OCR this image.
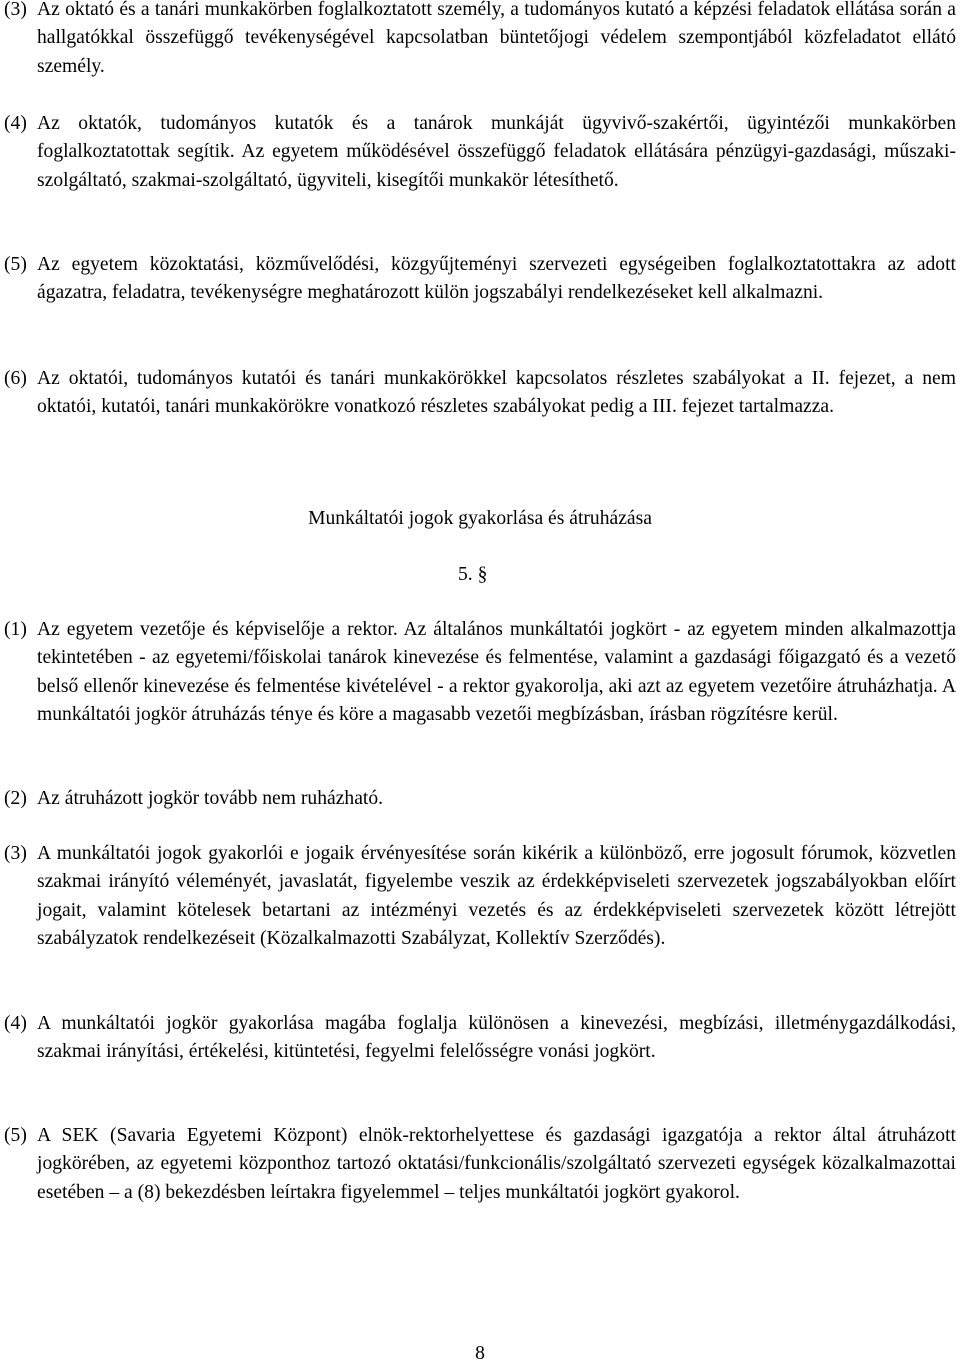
(3) Az oktató és a tanári munkakörben foglalkoztatott személy, a tudományos kutató a képzési feladatok ellátása során a hallgatókkal összefüggő tevékenységével kapcsolatban büntetőjogi védelem szempontjából közfeladatot ellátó személy.
(4) Az oktatók, tudományos kutatók és a tanárok munkáját ügyvivő-szakértői, ügyintézői munkakörben foglalkoztatottak segítik. Az egyetem működésével összefüggő feladatok ellátására pénzügyi-gazdasági, műszaki-szolgáltató, szakmai-szolgáltató, ügyviteli, kisegítői munkakör létesíthető.
(5) Az egyetem közoktatási, közművelődési, közgyűjteményi szervezeti egységeiben foglalkoztatottakra az adott ágazatra, feladatra, tevékenységre meghatározott külön jogszabályi rendelkezéseket kell alkalmazni.
(6) Az oktatói, tudományos kutatói és tanári munkakörökkel kapcsolatos részletes szabályokat a II. fejezet, a nem oktatói, kutatói, tanári munkakörökre vonatkozó részletes szabályokat pedig a III. fejezet tartalmazza.
Munkáltatói jogok gyakorlása és átruházása
5. §
(1) Az egyetem vezetője és képviselője a rektor. Az általános munkáltatói jogkört - az egyetem minden alkalmazottja tekintetében - az egyetemi/főiskolai tanárok kinevezése és felmentése, valamint a gazdasági főigazgató és a vezető belső ellenőr kinevezése és felmentése kivételével - a rektor gyakorolja, aki azt az egyetem vezetőire átruházhatja. A munkáltatói jogkör átruházás ténye és köre a magasabb vezetői megbízásban, írásban rögzítésre kerül.
(2) Az átruházott jogkör tovább nem ruházható.
(3) A munkáltatói jogok gyakorlói e jogaik érvényesítése során kikérik a különböző, erre jogosult fórumok, közvetlen szakmai irányító véleményét, javaslatát, figyelembe veszik az érdekképviseleti szervezetek jogszabályokban előírt jogait, valamint kötelesek betartani az intézményi vezetés és az érdekképviseleti szervezetek között létrejött szabályzatok rendelkezéseit (Közalkalmazotti Szabályzat, Kollektív Szerződés).
(4) A munkáltatói jogkör gyakorlása magába foglalja különösen a kinevezési, megbízási, illetménygazdálkodási, szakmai irányítási, értékelési, kitüntetési, fegyelmi felelősségre vonási jogkört.
(5) A SEK (Savaria Egyetemi Központ) elnök-rektorhelyettese és gazdasági igazgatója a rektor által átruházott jogkörében, az egyetemi központhoz tartozó oktatási/funkcionális/szolgáltató szervezeti egységek közalkalmazottai esetében – a (8) bekezdésben leírtakra figyelemmel – teljes munkáltatói jogkört gyakorol.
8
